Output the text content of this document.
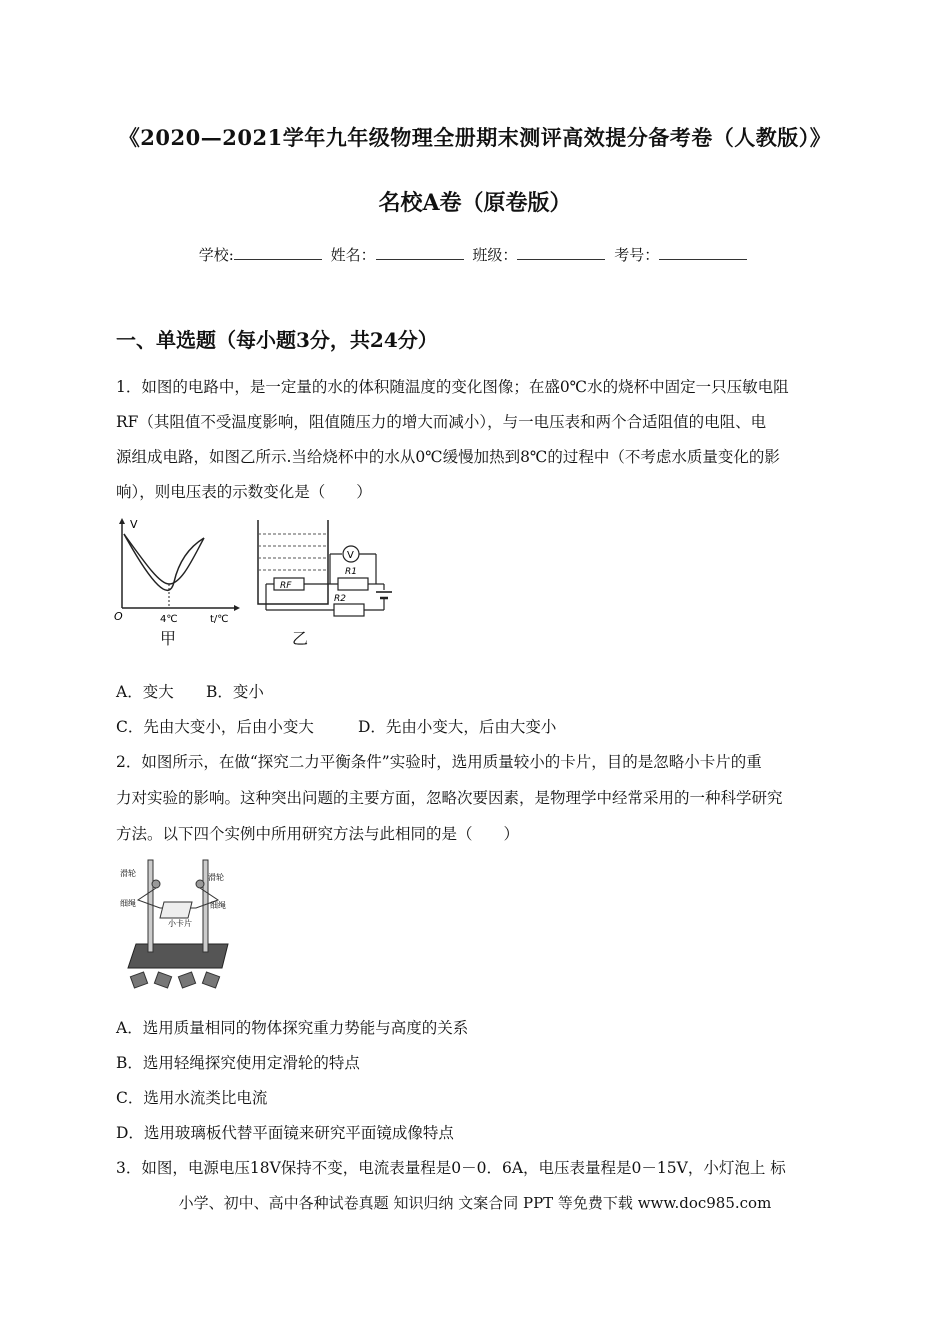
《2020—2021学年九年级物理全册期末测评高效提分备考卷（人教版）》
名校A卷（原卷版）
学校:	姓名：	班级：	考号：
一、单选题（每小题3分，共24分）
1．如图的电路中，是一定量的水的体积随温度的变化图像；在盛0℃水的烧杯中固定一只压敏电阻
RF（其阻值不受温度影响，阻值随压力的增大而减小），与一电压表和两个合适阻值的电阻、电
源组成电路，如图乙所示.当给烧杯中的水从0℃缓慢加热到8℃的过程中（不考虑水质量变化的影
响），则电压表的示数变化是（　　）
V
O	4℃	t/℃
甲
RF
R1
V
R2
乙
A．变大 B．变小
C．先由大变小，后由小变大	D．先由小变大，后由大变小
2．如图所示，在做“探究二力平衡条件”实验时，选用质量较小的卡片，目的是忽略小卡片的重
力对实验的影响。这种突出问题的主要方面，忽略次要因素，是物理学中经常采用的一种科学研究
方法。以下四个实例中所用研究方法与此相同的是（　　）
滑轮	滑轮
细绳	细绳
小卡片
A．选用质量相同的物体探究重力势能与高度的关系
B．选用轻绳探究使用定滑轮的特点
C．选用水流类比电流
D．选用玻璃板代替平面镜来研究平面镜成像特点
3．如图，电源电压18V保持不变，电流表量程是0－0．6A，电压表量程是0－15V，小灯泡上 标
小学、初中、高中各种试卷真题 知识归纳 文案合同 PPT 等免费下载 www.doc985.com
